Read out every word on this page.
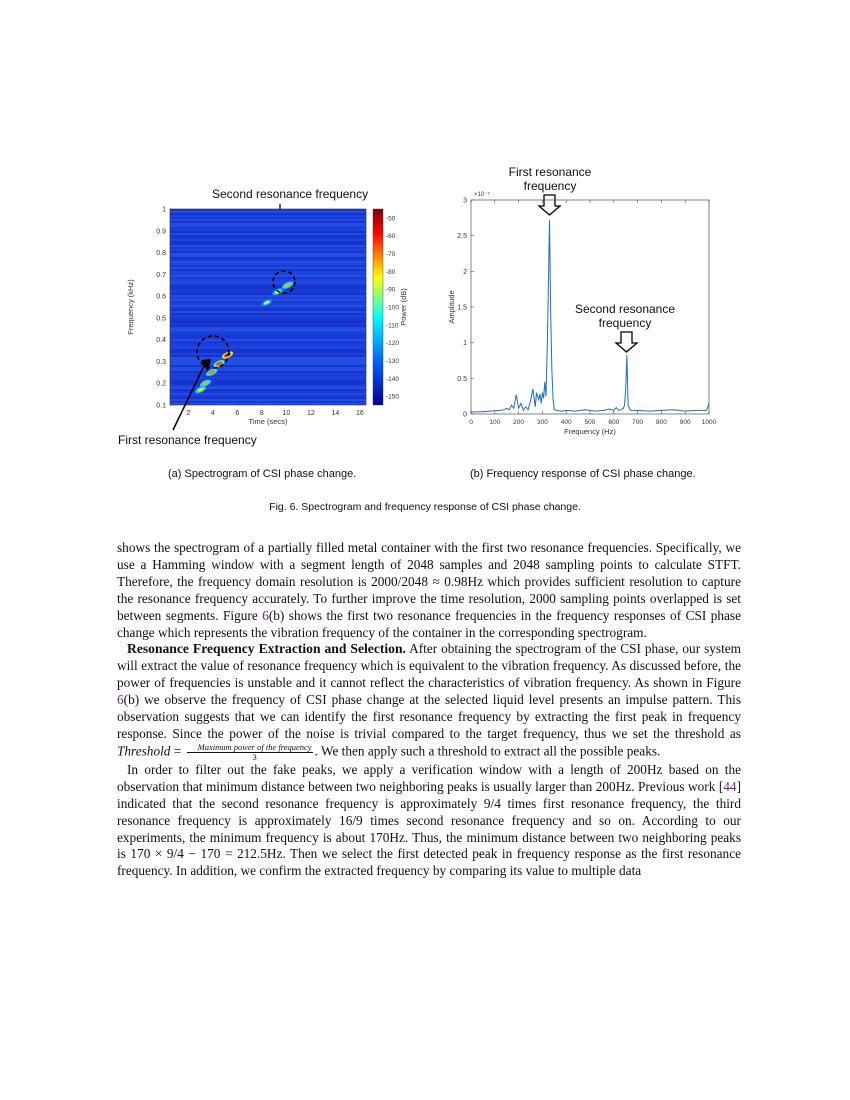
Second resonance frequency
2	4	6	8	10 12 14 16
0.1
0.2
0.3
0.4
0.5
0.6
0.7
0.8
0.9
1
Time (secs)
Frequency (kHz)
-50
-60
-70
-80
-90
-100
-110
-120
-130
-140
-150
Power (dB)
First resonance frequency
First resonance
frequency
Second resonance
frequency
×10⁻⁵
0	100 200 300 400 500 600 700 800 900 1000
0
0.5
1
1.5
2
2.5
3
Frequency (Hz)
Amplitude
(a) Spectrogram of CSI phase change.	(b) Frequency response of CSI phase change.
Fig. 6. Spectrogram and frequency response of CSI phase change.

shows the spectrogram of a partially filled metal container with the first two resonance frequencies. Specifically, we use a Hamming window with a segment length of 2048 samples and 2048 sampling points to calculate STFT. Therefore, the frequency domain resolution is 2000/2048 ≈ 0.98Hz which provides sufficient resolution to capture the resonance frequency accurately. To further improve the time resolution, 2000 sampling points overlapped is set between segments. Figure 6(b) shows the first two resonance frequencies in the frequency responses of CSI phase change which represents the vibration frequency of the container in the corresponding spectrogram.

Resonance Frequency Extraction and Selection. After obtaining the spectrogram of the CSI phase, our system will extract the value of resonance frequency which is equivalent to the vibration frequency. As discussed before, the power of frequencies is unstable and it cannot reflect the characteristics of vibration frequency. As shown in Figure 6(b) we observe the frequency of CSI phase change at the selected liquid level presents an impulse pattern. This observation suggests that we can identify the first resonance frequency by extracting the first peak in frequency response. Since the power of the noise is trivial compared to the target frequency, thus we set the threshold as Threshold = $\frac{\text{Maximum power of the frequency}}{3}$ . We then apply such a threshold to extract all the possible peaks.

In order to filter out the fake peaks, we apply a verification window with a length of 200Hz based on the observation that minimum distance between two neighboring peaks is usually larger than 200Hz. Previous work [44] indicated that the second resonance frequency is approximately 9/4 times first resonance frequency, the third resonance frequency is approximately 16/9 times second resonance frequency and so on. According to our experiments, the minimum frequency is about 170Hz. Thus, the minimum distance between two neighboring peaks is 170 × 9/4 − 170 = 212.5Hz. Then we select the first detected peak in frequency response as the first resonance frequency. In addition, we confirm the extracted frequency by comparing its value to multiple data
